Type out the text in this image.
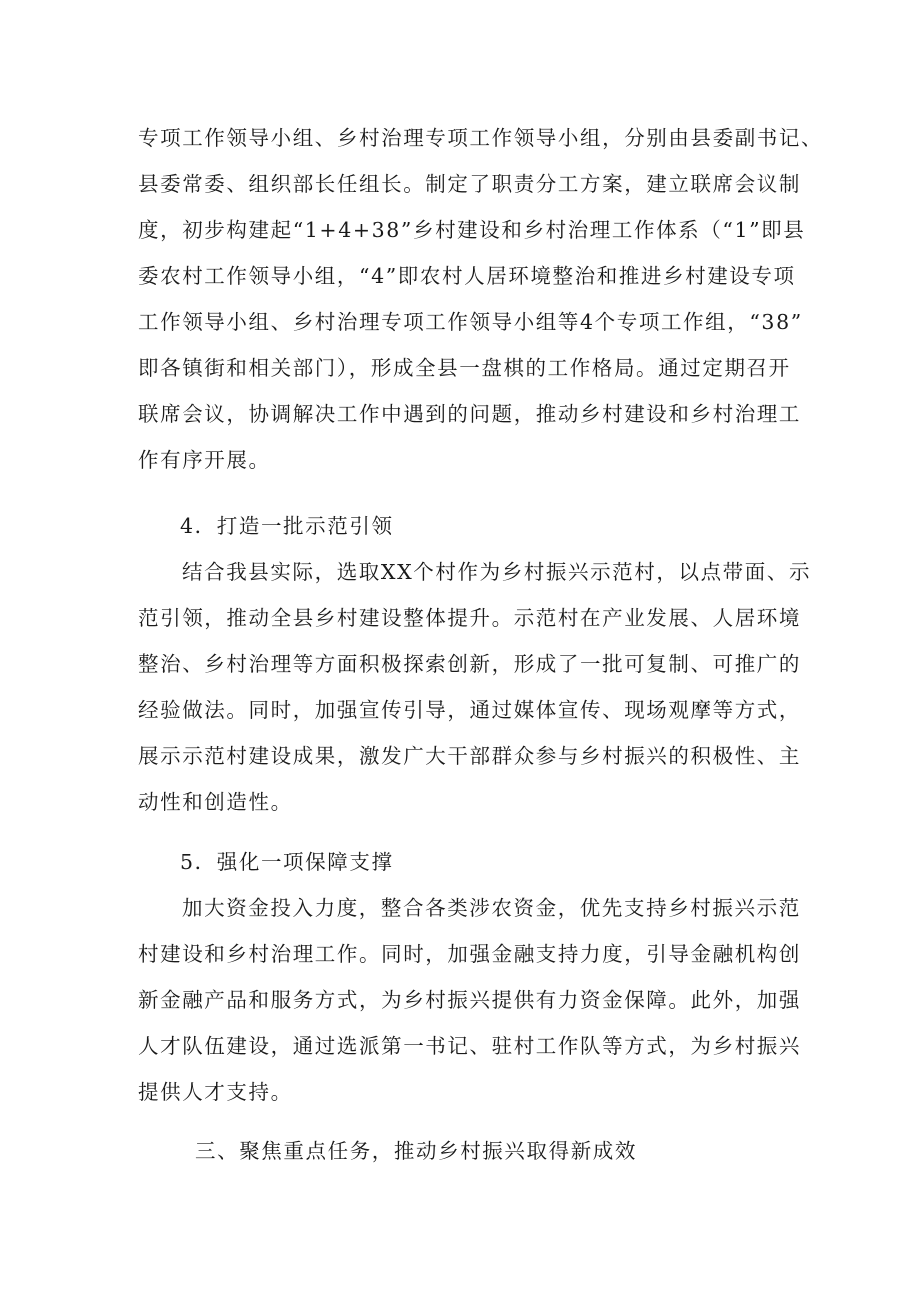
专项工作领导小组、乡村治理专项工作领导小组，分别由县委副书记、
县委常委、组织部长任组长。制定了职责分工方案，建立联席会议制
度，初步构建起“1+4+38”乡村建设和乡村治理工作体系（“1”即县
委农村工作领导小组，“4”即农村人居环境整治和推进乡村建设专项
工作领导小组、乡村治理专项工作领导小组等4个专项工作组，“38”
即各镇街和相关部门），形成全县一盘棋的工作格局。通过定期召开
联席会议，协调解决工作中遇到的问题，推动乡村建设和乡村治理工
作有序开展。
4．打造一批示范引领
结合我县实际，选取XX个村作为乡村振兴示范村，以点带面、示
范引领，推动全县乡村建设整体提升。示范村在产业发展、人居环境
整治、乡村治理等方面积极探索创新，形成了一批可复制、可推广的
经验做法。同时，加强宣传引导，通过媒体宣传、现场观摩等方式，
展示示范村建设成果，激发广大干部群众参与乡村振兴的积极性、主
动性和创造性。
5．强化一项保障支撑
加大资金投入力度，整合各类涉农资金，优先支持乡村振兴示范
村建设和乡村治理工作。同时，加强金融支持力度，引导金融机构创
新金融产品和服务方式，为乡村振兴提供有力资金保障。此外，加强
人才队伍建设，通过选派第一书记、驻村工作队等方式，为乡村振兴
提供人才支持。
三、聚焦重点任务，推动乡村振兴取得新成效
